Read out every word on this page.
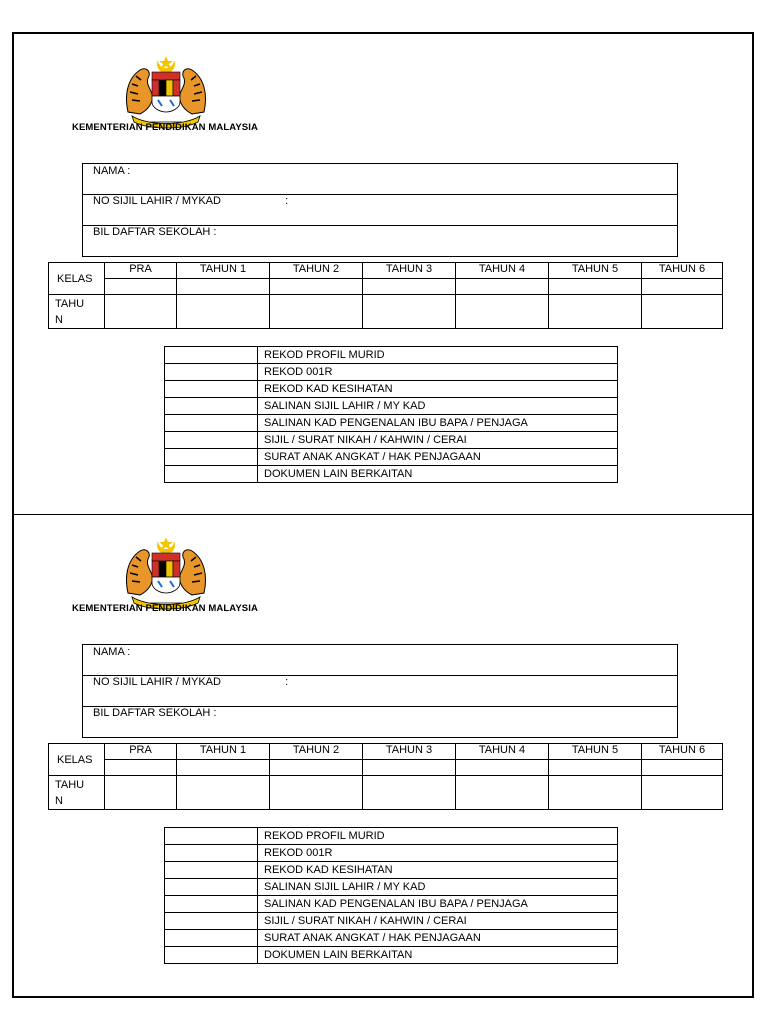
KEMENTERIAN PENDIDIKAN MALAYSIA
NAMA :
NO SIJIL LAHIR / MYKAD	:
BIL DAFTAR SEKOLAH :
KELAS	PRA	TAHUN 1	TAHUN 2	TAHUN 3	TAHUN 4	TAHUN 5	TAHUN 6

TAHU
N							
	REKOD PROFIL MURID
	REKOD 001R
	REKOD KAD KESIHATAN
	SALINAN SIJIL LAHIR / MY KAD
	SALINAN KAD PENGENALAN IBU BAPA / PENJAGA
	SIJIL / SURAT NIKAH / KAHWIN / CERAI
	SURAT ANAK ANGKAT / HAK PENJAGAAN
	DOKUMEN LAIN BERKAITAN
KEMENTERIAN PENDIDIKAN MALAYSIA
NAMA :
NO SIJIL LAHIR / MYKAD	:
BIL DAFTAR SEKOLAH :
KELAS	PRA	TAHUN 1	TAHUN 2	TAHUN 3	TAHUN 4	TAHUN 5	TAHUN 6

TAHU
N							
	REKOD PROFIL MURID
	REKOD 001R
	REKOD KAD KESIHATAN
	SALINAN SIJIL LAHIR / MY KAD
	SALINAN KAD PENGENALAN IBU BAPA / PENJAGA
	SIJIL / SURAT NIKAH / KAHWIN / CERAI
	SURAT ANAK ANGKAT / HAK PENJAGAAN
	DOKUMEN LAIN BERKAITAN
